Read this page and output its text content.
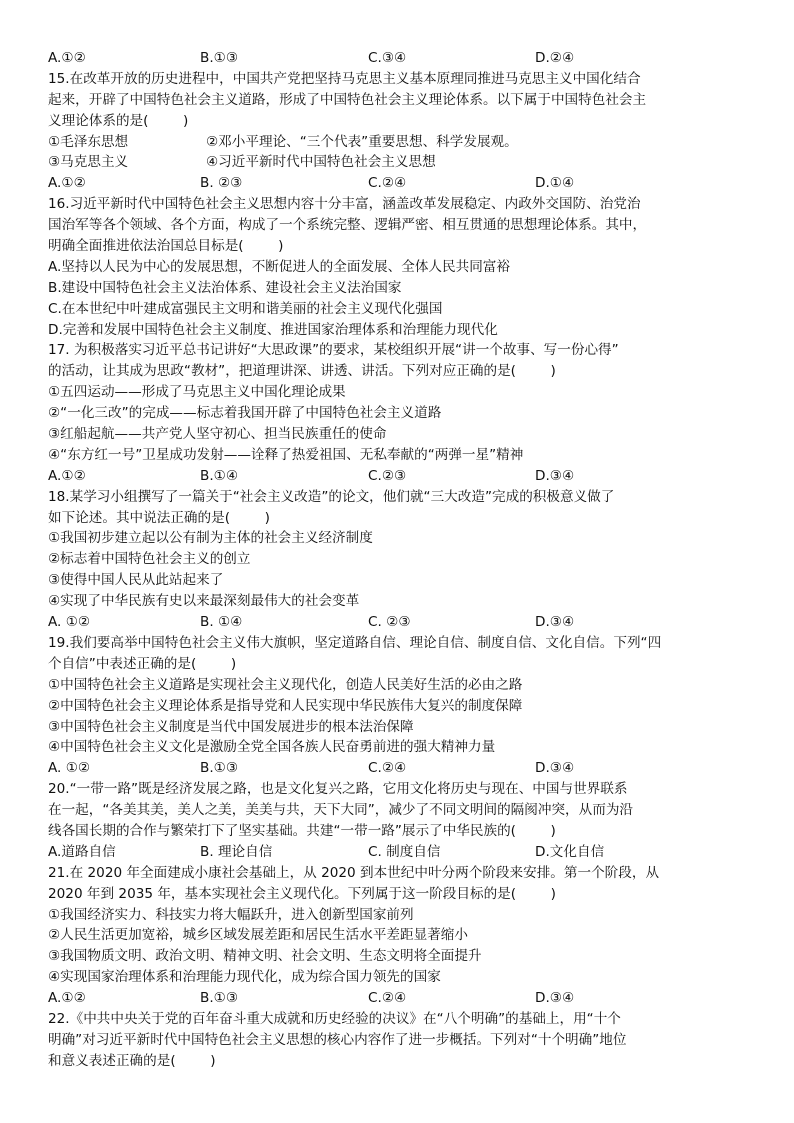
A.①②	B.①③	C.③④	D.②④
15.在改革开放的历史进程中，中国共产党把坚持马克思主义基本原理同推进马克思主义中国化结合
起来，开辟了中国特色社会主义道路，形成了中国特色社会主义理论体系。以下属于中国特色社会主
义理论体系的是(        )
①毛泽东思想	②邓小平理论、“三个代表”重要思想、科学发展观。
③马克思主义	④习近平新时代中国特色社会主义思想
A.①②	B. ②③	C.②④	D.①④
16.习近平新时代中国特色社会主义思想内容十分丰富，涵盖改革发展稳定、内政外交国防、治党治
国治军等各个领域、各个方面，构成了一个系统完整、逻辑严密、相互贯通的思想理论体系。其中，
明确全面推进依法治国总目标是(        )
A.坚持以人民为中心的发展思想，不断促进人的全面发展、全体人民共同富裕
B.建设中国特色社会主义法治体系、建设社会主义法治国家
C.在本世纪中叶建成富强民主文明和谐美丽的社会主义现代化强国
D.完善和发展中国特色社会主义制度、推进国家治理体系和治理能力现代化
17. 为积极落实习近平总书记讲好“大思政课”的要求，某校组织开展“讲一个故事、写一份心得”
的活动，让其成为思政“教材”，把道理讲深、讲透、讲活。下列对应正确的是(        )
①五四运动——形成了马克思主义中国化理论成果
②“一化三改”的完成——标志着我国开辟了中国特色社会主义道路
③红船起航——共产党人坚守初心、担当民族重任的使命
④“东方红一号”卫星成功发射——诠释了热爱祖国、无私奉献的“两弹一星”精神
A.①②	B.①④	C.②③	D.③④
18.某学习小组撰写了一篇关于“社会主义改造”的论文，他们就“三大改造”完成的积极意义做了
如下论述。其中说法正确的是(        )
①我国初步建立起以公有制为主体的社会主义经济制度
②标志着中国特色社会主义的创立
③使得中国人民从此站起来了
④实现了中华民族有史以来最深刻最伟大的社会变革
A. ①②	B. ①④	C. ②③	D.③④
19.我们要高举中国特色社会主义伟大旗帜，坚定道路自信、理论自信、制度自信、文化自信。下列“四
个自信”中表述正确的是(        )
①中国特色社会主义道路是实现社会主义现代化，创造人民美好生活的必由之路
②中国特色社会主义理论体系是指导党和人民实现中华民族伟大复兴的制度保障
③中国特色社会主义制度是当代中国发展进步的根本法治保障
④中国特色社会主义文化是激励全党全国各族人民奋勇前进的强大精神力量
A. ①②	B.①③	C.②④	D.③④
20.“一带一路”既是经济发展之路，也是文化复兴之路，它用文化将历史与现在、中国与世界联系
在一起，“各美其美，美人之美，美美与共，天下大同”，减少了不同文明间的隔阂冲突，从而为沿
线各国长期的合作与繁荣打下了坚实基础。共建“一带一路”展示了中华民族的(        )
A.道路自信	B. 理论自信	C. 制度自信	D.文化自信
21.在 2020 年全面建成小康社会基础上，从 2020 到本世纪中叶分两个阶段来安排。第一个阶段，从
2020 年到 2035 年，基本实现社会主义现代化。下列属于这一阶段目标的是(        )
①我国经济实力、科技实力将大幅跃升，进入创新型国家前列
②人民生活更加宽裕，城乡区域发展差距和居民生活水平差距显著缩小
③我国物质文明、政治文明、精神文明、社会文明、生态文明将全面提升
④实现国家治理体系和治理能力现代化，成为综合国力领先的国家
A.①②	B.①③	C.②④	D.③④
22.《中共中央关于党的百年奋斗重大成就和历史经验的决议》在“八个明确”的基础上，用“十个
明确”对习近平新时代中国特色社会主义思想的核心内容作了进一步概括。下列对“十个明确”地位
和意义表述正确的是(        )
